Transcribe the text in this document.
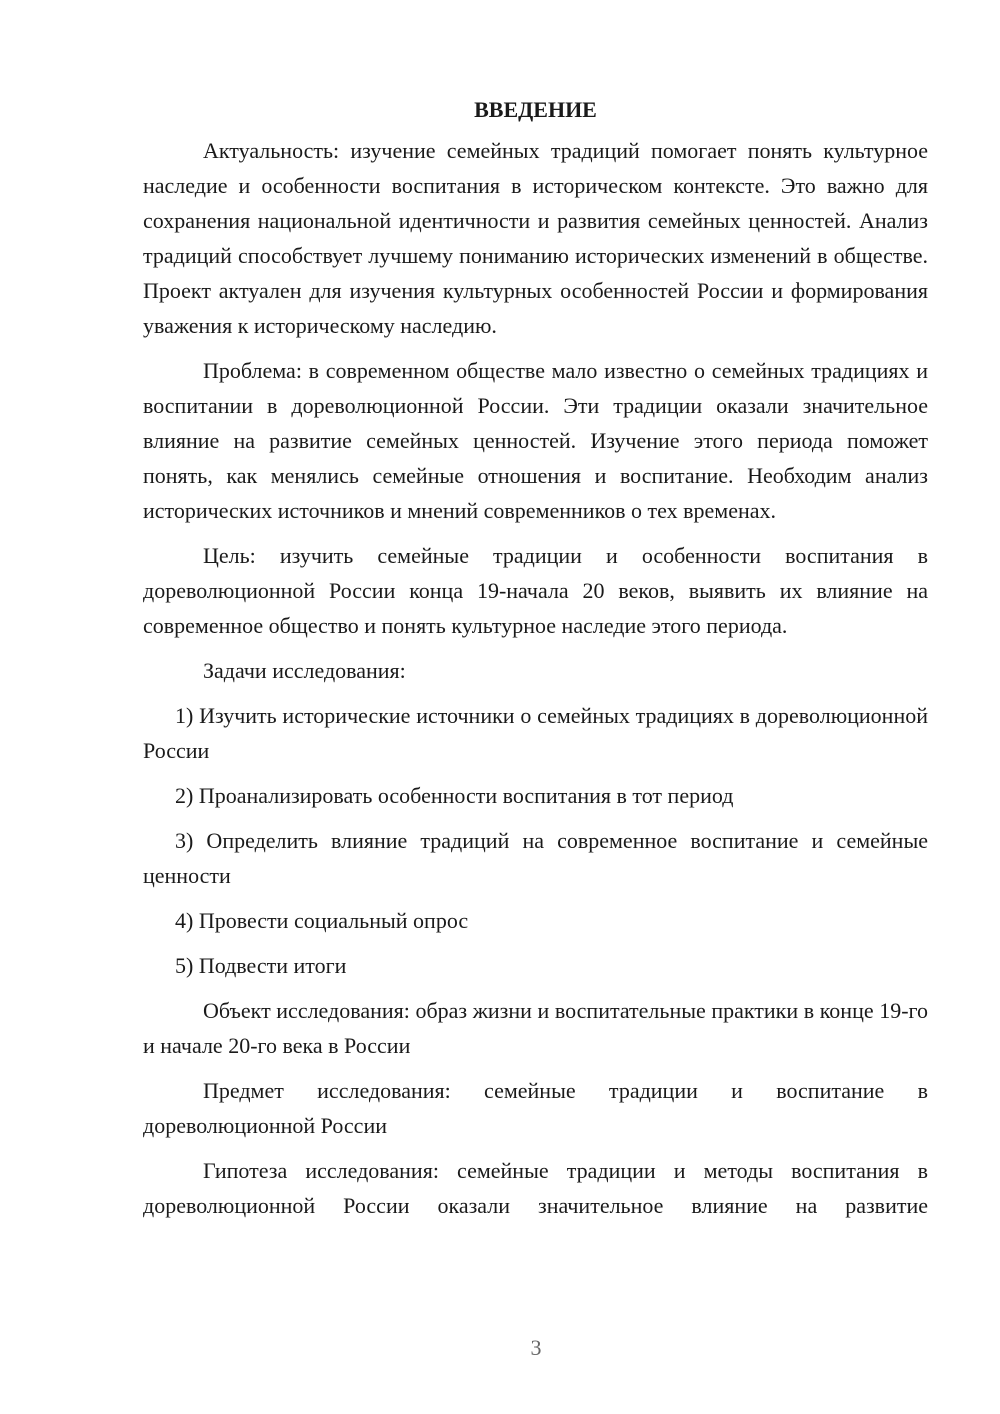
ВВЕДЕНИЕ

Актуальность: изучение семейных традиций помогает понять культурное наследие и особенности воспитания в историческом контексте. Это важно для сохранения национальной идентичности и развития семейных ценностей. Анализ традиций способствует лучшему пониманию исторических изменений в обществе. Проект актуален для изучения культурных особенностей России и формирования уважения к историческому наследию.

Проблема: в современном обществе мало известно о семейных традициях и воспитании в дореволюционной России. Эти традиции оказали значительное влияние на развитие семейных ценностей. Изучение этого периода поможет понять, как менялись семейные отношения и воспитание. Необходим анализ исторических источников и мнений современников о тех временах.

Цель: изучить семейные традиции и особенности воспитания в дореволюционной России конца 19-начала 20 веков, выявить их влияние на современное общество и понять культурное наследие этого периода.

Задачи исследования:

1) Изучить исторические источники о семейных традициях в дореволюционной России

2) Проанализировать особенности воспитания в тот период

3) Определить влияние традиций на современное воспитание и семейные ценности

4) Провести социальный опрос

5) Подвести итоги

Объект исследования: образ жизни и воспитательные практики в конце 19-го и начале 20-го века в России

Предмет исследования: семейные традиции и воспитание в дореволюционной России

Гипотеза исследования: семейные традиции и методы воспитания в дореволюционной России оказали значительное влияние на развитие

3
